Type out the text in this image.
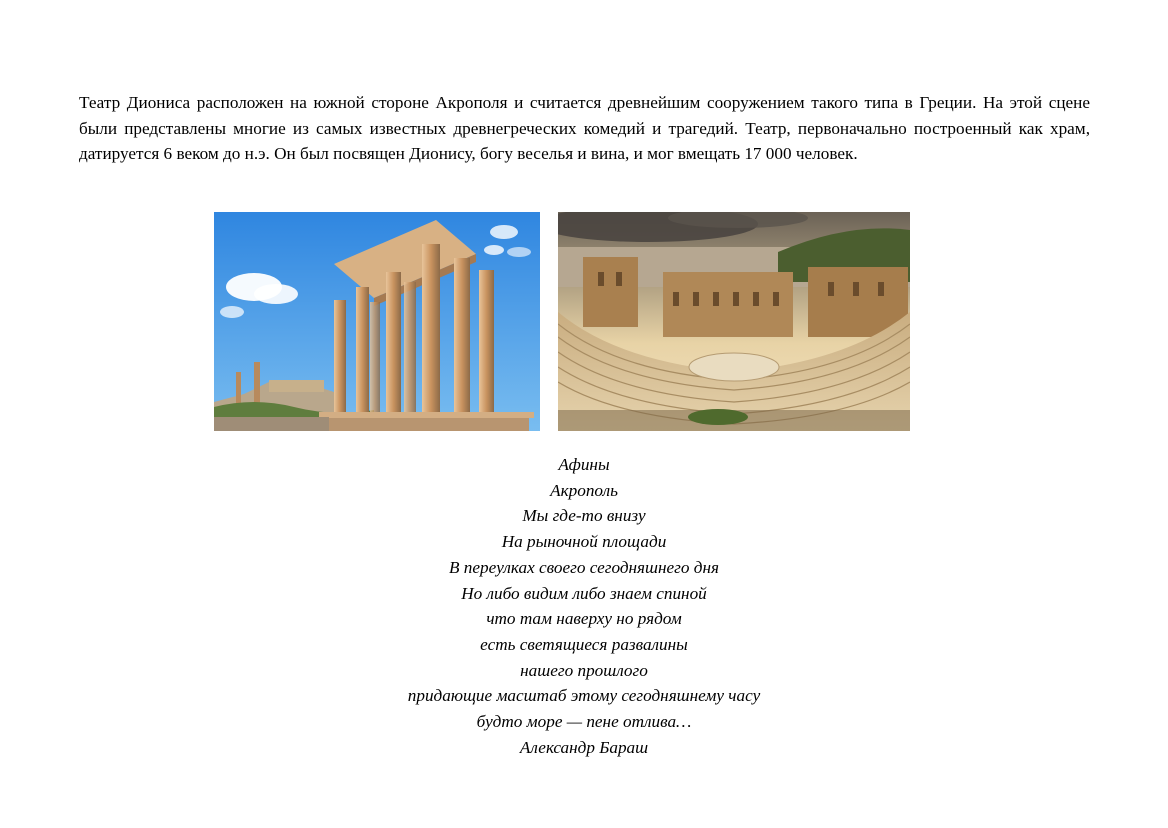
Театр Диониса расположен на южной стороне Акрополя и считается древнейшим сооружением такого типа в Греции. На этой сцене были представлены многие из самых известных древнегреческих комедий и трагедий. Театр, первоначально построенный как храм, датируется 6 веком до н.э. Он был посвящен Дионису, богу веселья и вина, и мог вмещать 17 000 человек.

Афины
Акрополь
Мы где-то внизу
На рыночной площади
В переулках своего сегодняшнего дня
Но либо видим либо знаем спиной
что там наверху но рядом
есть светящиеся развалины
нашего прошлого
придающие масштаб этому сегодняшнему часу
будто море — пене отлива…
Александр Бараш
